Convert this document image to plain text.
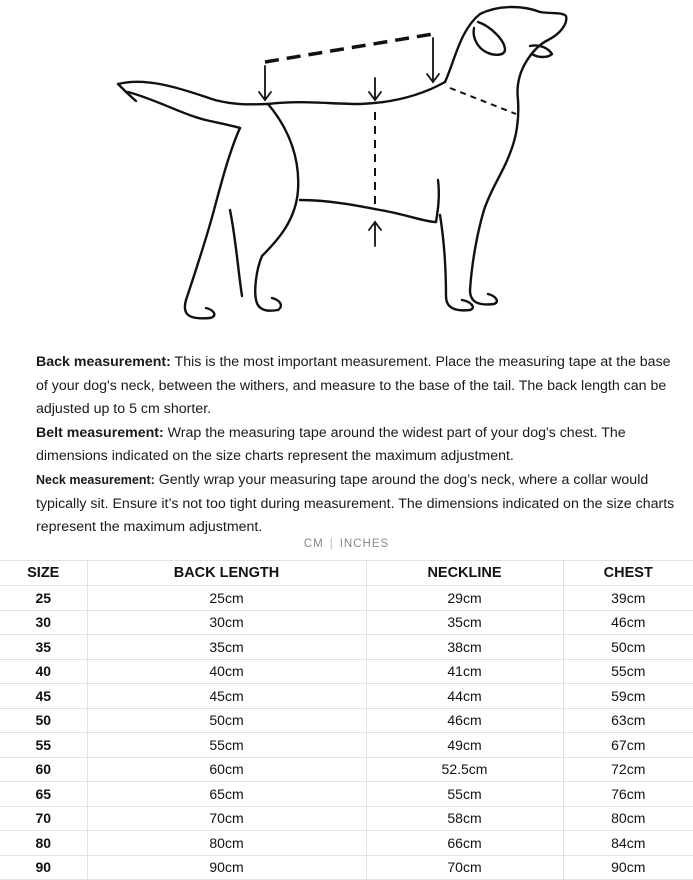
Back measurement: This is the most important measurement. Place the measuring tape at the base of your dog's neck, between the withers, and measure to the base of the tail. The back length can be adjusted up to 5 cm shorter.

Belt measurement: Wrap the measuring tape around the widest part of your dog's chest. The dimensions indicated on the size charts represent the maximum adjustment.

Neck measurement: Gently wrap your measuring tape around the dog’s neck, where a collar would typically sit. Ensure it’s not too tight during measurement. The dimensions indicated on the size charts represent the maximum adjustment.

CM | INCHES
SIZE	BACK LENGTH	NECKLINE	CHEST
25	25cm	29cm	39cm
30	30cm	35cm	46cm
35	35cm	38cm	50cm
40	40cm	41cm	55cm
45	45cm	44cm	59cm
50	50cm	46cm	63cm
55	55cm	49cm	67cm
60	60cm	52.5cm	72cm
65	65cm	55cm	76cm
70	70cm	58cm	80cm
80	80cm	66cm	84cm
90	90cm	70cm	90cm
